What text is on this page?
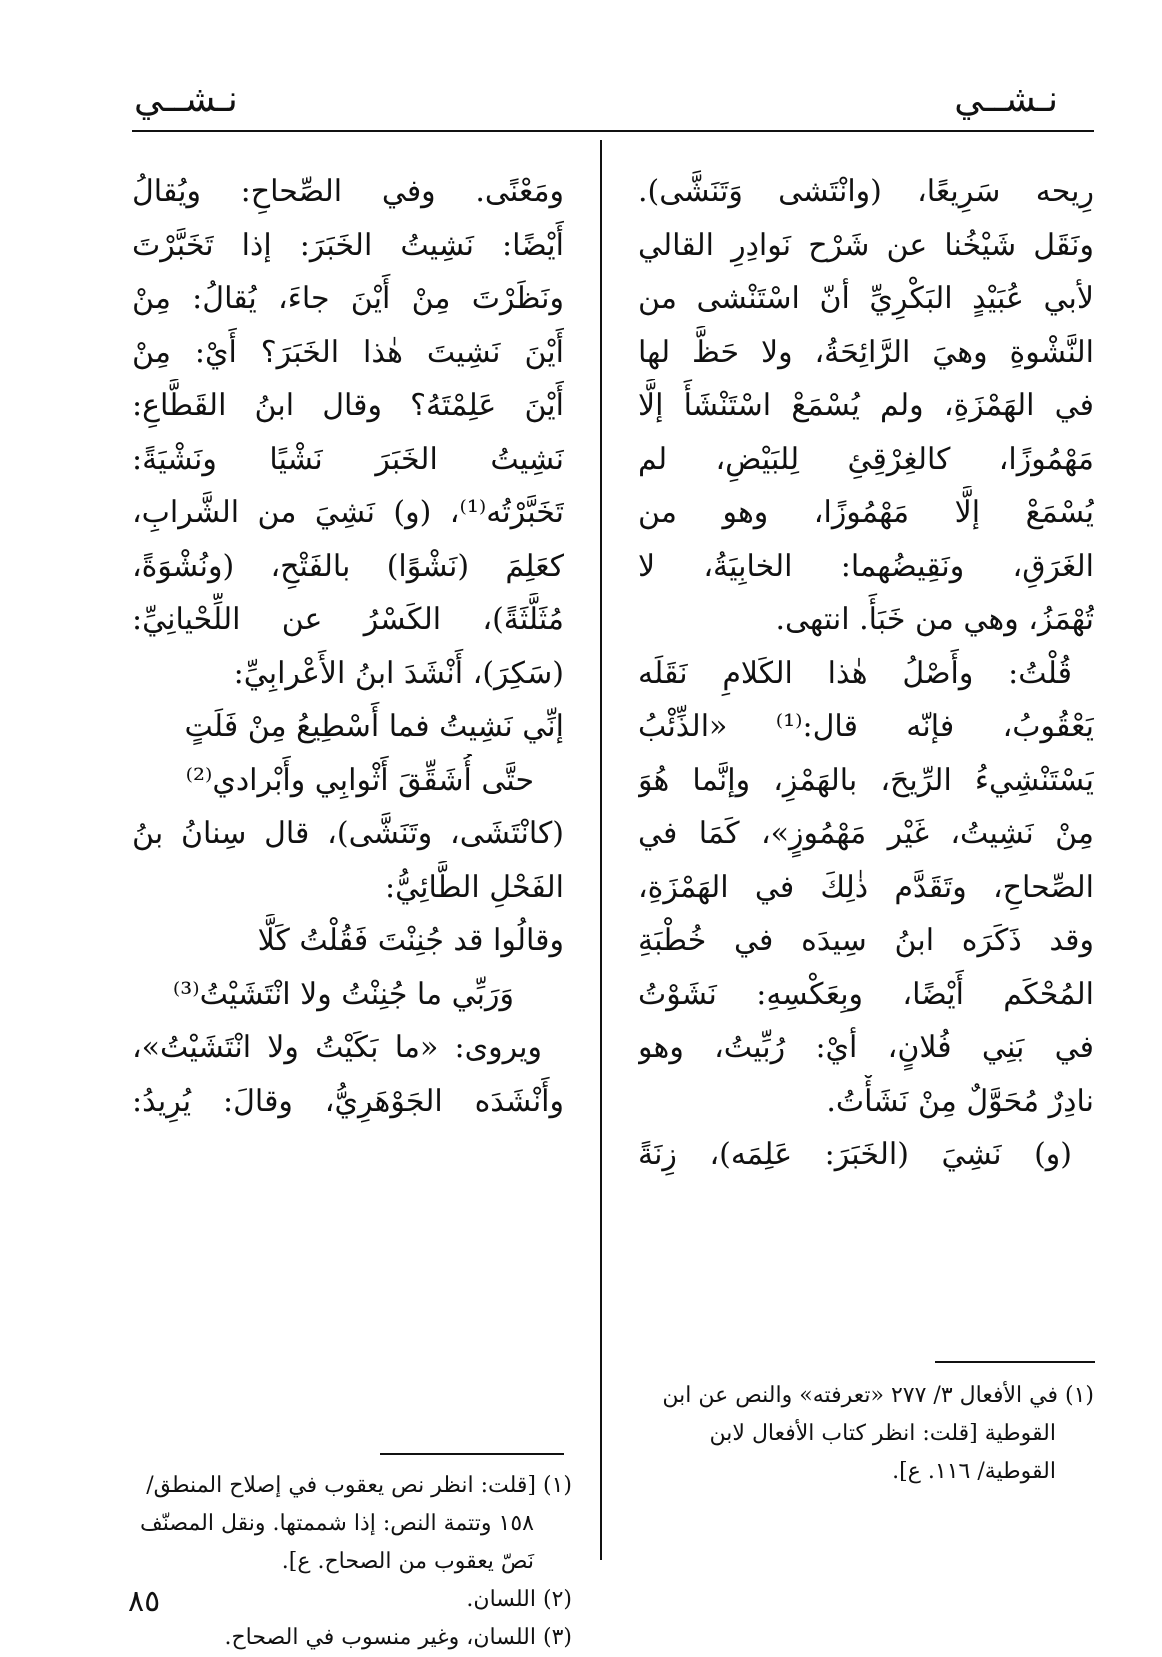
نـشــي
نـشــي
رِيحه سَرِيعًا، (وانْتَشى وَتَنَشَّى).
ونَقَل شَيْخُنا عن شَرْح نَوادِرِ القالي
لأبي عُبَيْدٍ البَكْرِيِّ أنّ اسْتَنْشى من
النَّشْوةِ وهيَ الرَّائِحَةُ، ولا حَظَّ لها
في الهَمْزَةِ، ولم يُسْمَعْ اسْتَنْشَأَ إلَّا
مَهْمُوزًا، كالغِرْقِئِ لِلبَيْضِ، لم
يُسْمَعْ إلَّا مَهْمُوزًا، وهو من
الغَرَقِ، ونَقِيضُهما: الخابِيَةُ، لا
تُهْمَزُ، وهي من خَبَأَ. انتهى.
قُلْتُ: وأَصْلُ هٰذا الكَلامِ نَقَلَه
يَعْقُوبُ، فإنّه قال:⁽¹⁾ «الذِّئْبُ
يَسْتَنْشِيءُ الرِّيحَ، بالهَمْزِ، وإنَّما هُوَ
مِنْ نَشِيتُ، غَيْر مَهْمُوزٍ»، كَمَا في
الصِّحاحِ، وتَقَدَّم ذٰلِكَ في الهَمْزَةِ،
وقد ذَكَرَه ابنُ سِيدَه في خُطْبَةِ
المُحْكَم أَيْضًا، وبِعَكْسِهِ: نَشَوْتُ
في بَنِي فُلانٍ، أيْ: رُبِّيتُ، وهو
نادِرٌ مُحَوَّلٌ مِنْ نَشَأْتُ.
(و) نَشِيَ (الخَبَرَ: عَلِمَه)، زِنَةً
ومَعْنًى. وفي الصِّحاحِ: ويُقالُ
أَيْضًا: نَشِيتُ الخَبَرَ: إذا تَخَبَّرْتَ
ونَظَرْتَ مِنْ أَيْنَ جاءَ، يُقالُ: مِنْ
أَيْنَ نَشِيتَ هٰذا الخَبَرَ؟ أَيْ: مِنْ
أَيْنَ عَلِمْتَهُ؟ وقال ابنُ القَطَّاعِ:
نَشِيتُ الخَبَرَ نَشْيًا ونَشْيَةً:
تَخَبَّرْتُه⁽¹⁾، (و) نَشِيَ من الشَّرابِ،
كعَلِمَ (نَشْوًا) بالفَتْحِ، (ونُشْوَةً،
مُثَلَّثَةً)، الكَسْرُ عن اللِّحْيانِيِّ:
(سَكِرَ)، أَنْشَدَ ابنُ الأَعْرابِيِّ:
إنِّي نَشِيتُ فما أَسْطِيعُ مِنْ فَلَتٍ
حتَّى أُشَقِّقَ أَثْوابِي وأَبْرادي⁽²⁾
(كانْتَشَى، وتَنَشَّى)، قال سِنانُ بنُ
الفَحْلِ الطَّائِيُّ:
وقالُوا قد جُنِنْتَ فَقُلْتُ كَلَّا
وَرَبِّي ما جُنِنْتُ ولا انْتَشَيْتُ⁽³⁾
ويروى: «ما بَكَيْتُ ولا انْتَشَيْتُ»،
وأَنْشَدَه الجَوْهَرِيُّ، وقالَ: يُرِيدُ:
(١) في الأفعال ٣/ ٢٧٧ «تعرفته» والنص عن ابن
القوطية [قلت: انظر كتاب الأفعال لابن
القوطية/ ١١٦. ع].
(١) [قلت: انظر نص يعقوب في إصلاح المنطق/
١٥٨ وتتمة النص: إذا شممتها. ونقل المصنّف
نَصّ يعقوب من الصحاح. ع].
(٢) اللسان.
(٣) اللسان، وغير منسوب في الصحاح.
٨٥
